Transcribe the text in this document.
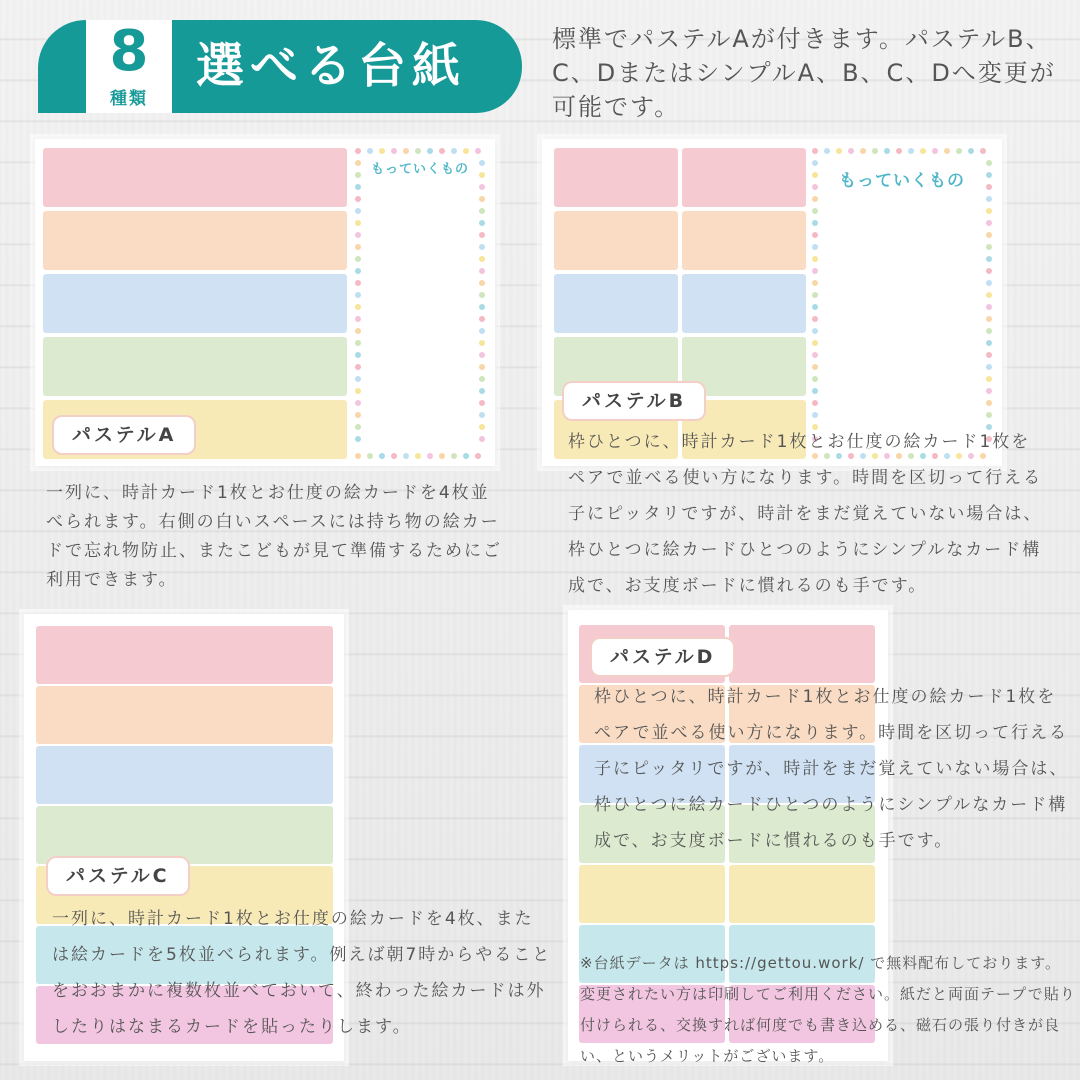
8
種類
選べる台紙	標準でパステルAが付きます。パステルB、C、DまたはシンプルA、B、C、Dへ変更が可能です。
もっていくもの
パステルA
一列に、時計カード1枚とお仕度の絵カードを4枚並べられます。右側の白いスペースには持ち物の絵カードで忘れ物防止、またこどもが見て準備するためにご利用できます。
もっていくもの
パステルB
枠ひとつに、時計カード1枚とお仕度の絵カード1枚をペアで並べる使い方になります。時間を区切って行える子にピッタリですが、時計をまだ覚えていない場合は、枠ひとつに絵カードひとつのようにシンプルなカード構成で、お支度ボードに慣れるのも手です。
パステルC
一列に、時計カード1枚とお仕度の絵カードを4枚、または絵カードを5枚並べられます。例えば朝7時からやることをおおまかに複数枚並べておいて、終わった絵カードは外したりはなまるカードを貼ったりします。
パステルD
枠ひとつに、時計カード1枚とお仕度の絵カード1枚をペアで並べる使い方になります。時間を区切って行える子にピッタリですが、時計をまだ覚えていない場合は、枠ひとつに絵カードひとつのようにシンプルなカード構成で、お支度ボードに慣れるのも手です。
※台紙データは https://gettou.work/ で無料配布しております。変更されたい方は印刷してご利用ください。紙だと両面テープで貼り付けられる、交換すれば何度でも書き込める、磁石の張り付きが良い、というメリットがございます。
